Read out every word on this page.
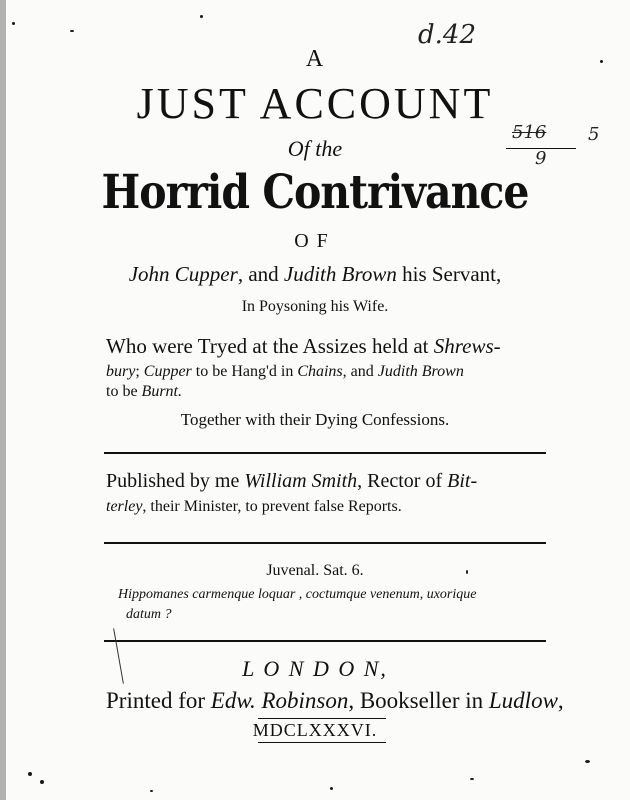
d.42
516 5
9
A
JUST ACCOUNT
Of the
Horrid Contrivance
OF
John Cupper, and Judith Brown his Servant,
In Poysoning his Wife.
Who were Tryed at the Assizes held at Shrews-
bury; Cupper to be Hang'd in Chains, and Judith Brown
to be Burnt.
Together with their Dying Confessions.
Published by me William Smith, Rector of Bit-
terley, their Minister, to prevent false Reports.
Juvenal. Sat. 6.
Hippomanes carmenque loquar , coctumque venenum, uxorique
datum ?
L O N D O N,
Printed for Edw. Robinson, Bookseller in Ludlow,
MDCLXXXVI.
